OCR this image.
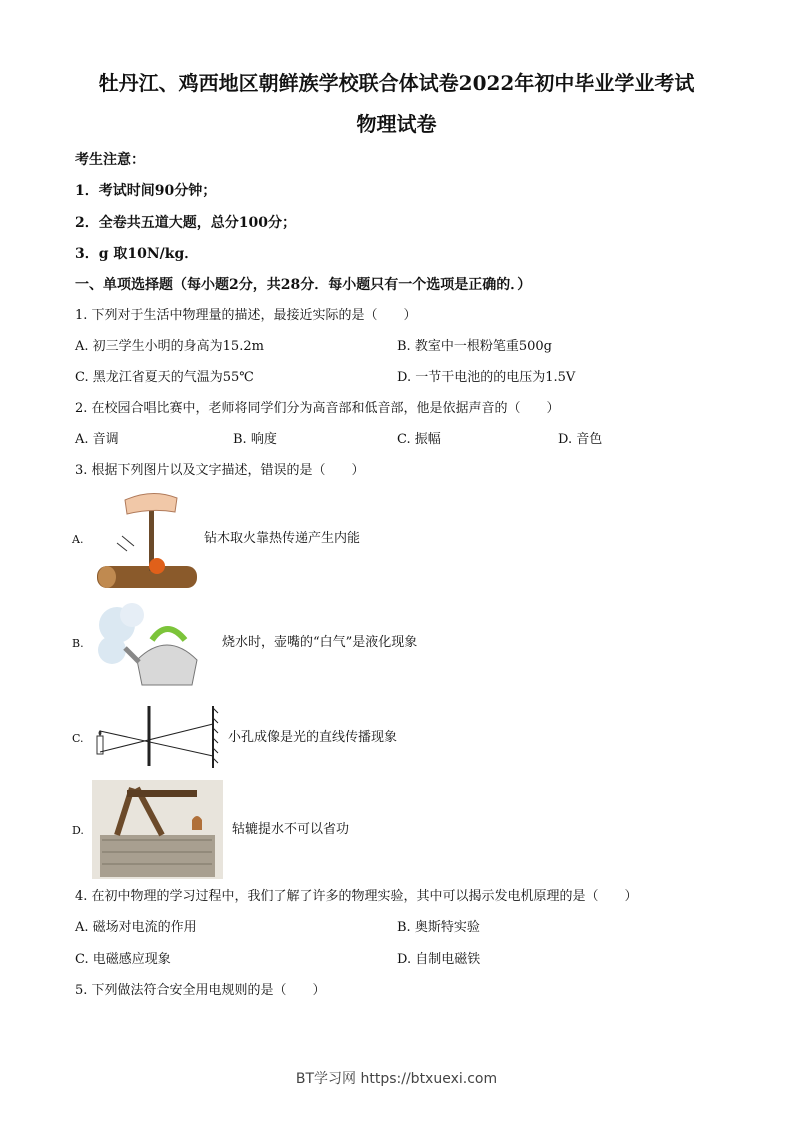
牡丹江、鸡西地区朝鲜族学校联合体试卷2022年初中毕业学业考试
物理试卷
考生注意：
1．考试时间90分钟；
2．全卷共五道大题，总分100分；
3．g 取10N/kg．
一、单项选择题（每小题2分，共28分．每小题只有一个选项是正确的．）
1. 下列对于生活中物理量的描述，最接近实际的是（　　）
A. 初三学生小明的身高为15.2m	B. 教室中一根粉笔重500g
C. 黑龙江省夏天的气温为55℃	D. 一节干电池的的电压为1.5V
2. 在校园合唱比赛中，老师将同学们分为高音部和低音部，他是依据声音的（　　）
A. 音调	B. 响度	C. 振幅	D. 音色
3. 根据下列图片以及文字描述，错误的是（　　）
A.	钻木取火靠热传递产生内能
B.	烧水时，壶嘴的“白气”是液化现象
C.	小孔成像是光的直线传播现象
D.	轱辘提水不可以省功
4. 在初中物理的学习过程中，我们了解了许多的物理实验，其中可以揭示发电机原理的是（　　）
A. 磁场对电流的作用	B. 奥斯特实验
C. 电磁感应现象	D. 自制电磁铁
5. 下列做法符合安全用电规则的是（　　）
BT学习网 https://btxuexi.com
